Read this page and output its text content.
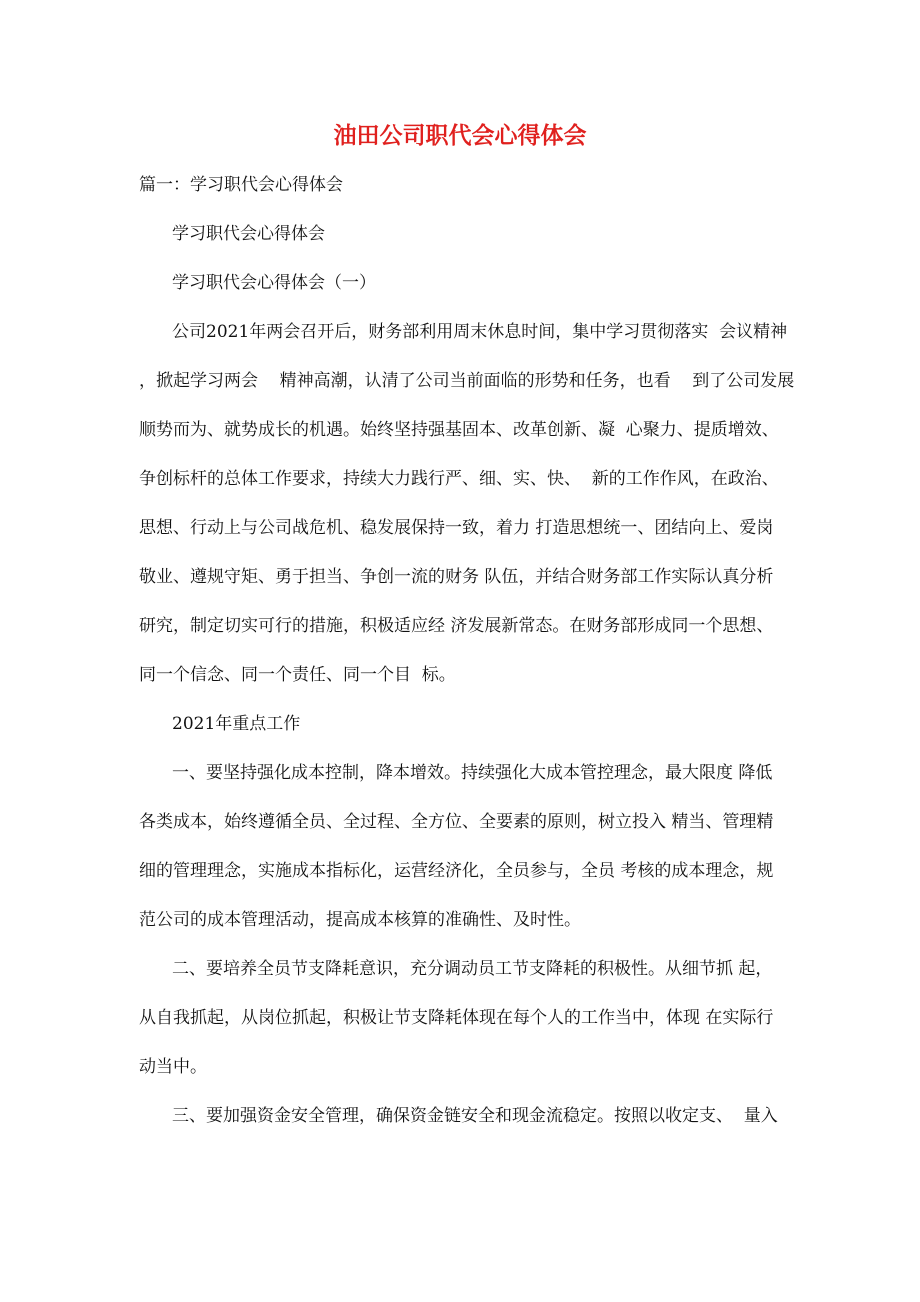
油田公司职代会心得体会

篇一：学习职代会心得体会

学习职代会心得体会

学习职代会心得体会（一）

公司2021年两会召开后，财务部利用周末休息时间，集中学习贯彻落实  会议精神

，掀起学习两会    精神高潮，认清了公司当前面临的形势和任务，也看    到了公司发展

顺势而为、就势成长的机遇。始终坚持强基固本、改革创新、凝  心聚力、提质增效、

争创标杆的总体工作要求，持续大力践行严、细、实、快、  新的工作作风，在政治、

思想、行动上与公司战危机、稳发展保持一致，着力 打造思想统一、团结向上、爱岗

敬业、遵规守矩、勇于担当、争创一流的财务 队伍，并结合财务部工作实际认真分析

研究，制定切实可行的措施，积极适应经 济发展新常态。在财务部形成同一个思想、

同一个信念、同一个责任、同一个目  标。

2021年重点工作

一、要坚持强化成本控制，降本增效。持续强化大成本管控理念，最大限度 降低

各类成本，始终遵循全员、全过程、全方位、全要素的原则，树立投入 精当、管理精

细的管理理念，实施成本指标化，运营经济化，全员参与，全员 考核的成本理念，规

范公司的成本管理活动，提高成本核算的准确性、及时性。

二、要培养全员节支降耗意识，充分调动员工节支降耗的积极性。从细节抓 起，

从自我抓起，从岗位抓起，积极让节支降耗体现在每个人的工作当中，体现 在实际行

动当中。

三、要加强资金安全管理，确保资金链安全和现金流稳定。按照以收定支、  量入
